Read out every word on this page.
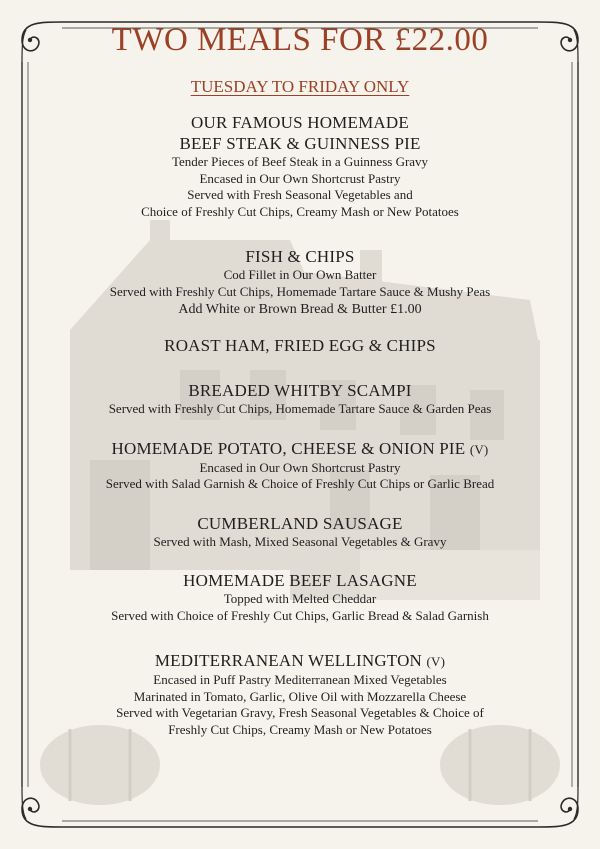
TWO MEALS FOR £22.00
TUESDAY TO FRIDAY ONLY
OUR FAMOUS HOMEMADE
BEEF STEAK & GUINNESS PIE
Tender Pieces of Beef Steak in a Guinness Gravy
Encased in Our Own Shortcrust Pastry
Served with Fresh Seasonal Vegetables and
Choice of Freshly Cut Chips, Creamy Mash or New Potatoes
FISH & CHIPS
Cod Fillet in Our Own Batter
Served with Freshly Cut Chips, Homemade Tartare Sauce & Mushy Peas
Add White or Brown Bread & Butter £1.00
ROAST HAM, FRIED EGG & CHIPS
BREADED WHITBY SCAMPI
Served with Freshly Cut Chips, Homemade Tartare Sauce & Garden Peas
HOMEMADE POTATO, CHEESE & ONION PIE (V)
Encased in Our Own Shortcrust Pastry
Served with Salad Garnish & Choice of Freshly Cut Chips or Garlic Bread
CUMBERLAND SAUSAGE
Served with Mash, Mixed Seasonal Vegetables & Gravy
HOMEMADE BEEF LASAGNE
Topped with Melted Cheddar
Served with Choice of Freshly Cut Chips, Garlic Bread & Salad Garnish
MEDITERRANEAN WELLINGTON (V)
Encased in Puff Pastry Mediterranean Mixed Vegetables
Marinated in Tomato, Garlic, Olive Oil with Mozzarella Cheese
Served with Vegetarian Gravy, Fresh Seasonal Vegetables & Choice of
Freshly Cut Chips, Creamy Mash or New Potatoes
